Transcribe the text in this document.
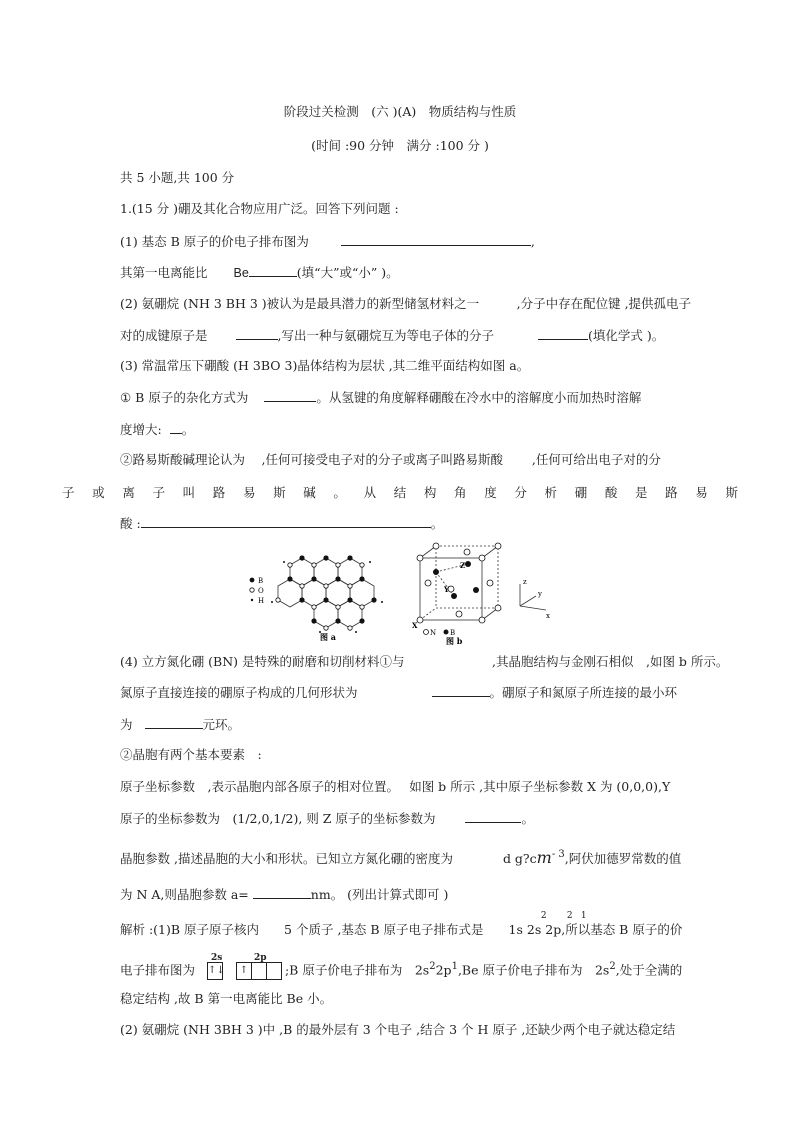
阶段过关检测　(六 )(A)　物质结构与性质
(时间 :90 分钟　满分 :100 分 )
共 5 小题,共 100 分
1.(15 分 )硼及其化合物应用广泛。回答下列问题 :
(1) 基态 B 原子的价电子排布图为	,
其第一电离能比 Be	(填“大”或“小” )。
(2) 氨硼烷 (NH 3 BH 3 )被认为是最具潜力的新型储氢材料之一　　　,分子中存在配位键 ,提供孤电子
对的成键原子是	,写出一种与氨硼烷互为等电子体的分子	(填化学式 )。
(3) 常温常压下硼酸 (H 3BO 3)晶体结构为层状 ,其二维平面结构如图 a。
① B 原子的杂化方式为	。从氢键的角度解释硼酸在冷水中的溶解度小而加热时溶解
度增大: 。
②路易斯酸碱理论认为　 ,任何可接受电子对的分子或离子叫路易斯酸　　 ,任何可给出电子对的分
子 或 离 子 叫 路 易 斯 碱 。 从 结 构 角 度 分 析 硼 酸 是 路 易 斯
酸 :	。
B
O
H
图 a
X
Y
Z
N B
图 b
z
y
x
(4) 立方氮化硼 (BN) 是特殊的耐磨和切削材料①与　　　　　　　,其晶胞结构与金刚石相似　,如图 b 所示。
氮原子直接连接的硼原子构成的几何形状为	。硼原子和氮原子所连接的最小环
为	元环。
②晶胞有两个基本要素　:
原子坐标参数　,表示晶胞内部各原子的相对位置。　 如图 b 所示 ,其中原子坐标参数 X 为 (0,0,0),Y
原子的坐标参数为　(1/2,0,1/2), 则 Z 原子的坐标参数为	。
晶胞参数 ,描述晶胞的大小和形状。已知立方氮化硼的密度为　　　　d $g?cm^{- 3}$,阿伏加德罗常数的值
为 N A,则晶胞参数 a=	nm。 (列出计算式即可 )
解析 :(1)B 原子原子核内　　5 个质子 ,基态 B 原子电子排布式是　　1s
2 2 1
2s 2p,所以基态 B 原子的价
电子排布图为
2s
↑↓
2p
↑	;B 原子价电子排布为　$2s^22p^1,Be$ 原子价电子排布为　$2s^2$,处于全满的
稳定结构 ,故 B 第一电离能比 Be 小。
(2) 氨硼烷 (NH 3BH 3 )中 ,B 的最外层有 3 个电子 ,结合 3 个 H 原子 ,还缺少两个电子就达稳定结
